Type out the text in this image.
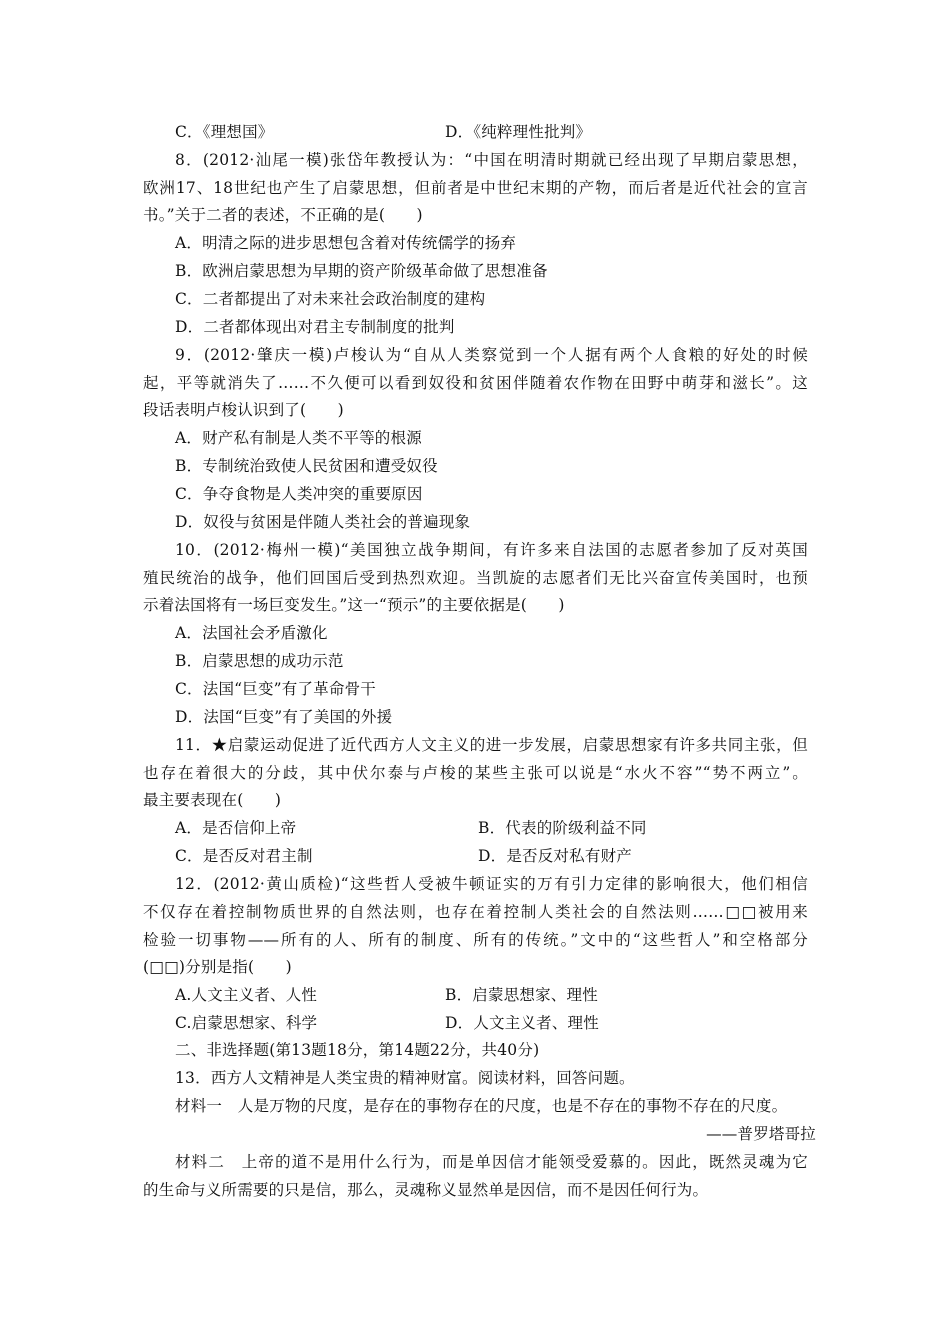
C．《理想国》	D．《纯粹理性批判》
8．(2012·汕尾一模)张岱年教授认为：“中国在明清时期就已经出现了早期启蒙思想，
欧洲17、18世纪也产生了启蒙思想，但前者是中世纪末期的产物，而后者是近代社会的宣言
书。”关于二者的表述，不正确的是(　　)
A．明清之际的进步思想包含着对传统儒学的扬弃
B．欧洲启蒙思想为早期的资产阶级革命做了思想准备
C．二者都提出了对未来社会政治制度的建构
D．二者都体现出对君主专制制度的批判
9．(2012·肇庆一模)卢梭认为“自从人类察觉到一个人据有两个人食粮的好处的时候
起，平等就消失了……不久便可以看到奴役和贫困伴随着农作物在田野中萌芽和滋长”。这
段话表明卢梭认识到了(　　)
A．财产私有制是人类不平等的根源
B．专制统治致使人民贫困和遭受奴役
C．争夺食物是人类冲突的重要原因
D．奴役与贫困是伴随人类社会的普遍现象
10．(2012·梅州一模)“美国独立战争期间，有许多来自法国的志愿者参加了反对英国
殖民统治的战争，他们回国后受到热烈欢迎。当凯旋的志愿者们无比兴奋宣传美国时，也预
示着法国将有一场巨变发生。”这一“预示”的主要依据是(　　)
A．法国社会矛盾激化
B．启蒙思想的成功示范
C．法国“巨变”有了革命骨干
D．法国“巨变”有了美国的外援
11．★启蒙运动促进了近代西方人文主义的进一步发展，启蒙思想家有许多共同主张，但
也存在着很大的分歧，其中伏尔泰与卢梭的某些主张可以说是“水火不容”“势不两立”。
最主要表现在(　　)
A．是否信仰上帝	B．代表的阶级利益不同
C．是否反对君主制	D．是否反对私有财产
12．(2012·黄山质检)“这些哲人受被牛顿证实的万有引力定律的影响很大，他们相信
不仅存在着控制物质世界的自然法则，也存在着控制人类社会的自然法则……□□被用来
检验一切事物——所有的人、所有的制度、所有的传统。”文中的“这些哲人”和空格部分
(□□)分别是指(　　)
A.人文主义者、人性	B．启蒙思想家、理性
C.启蒙思想家、科学	D．人文主义者、理性
二、非选择题(第13题18分，第14题22分，共40分)
13．西方人文精神是人类宝贵的精神财富。阅读材料，回答问题。
材料一　人是万物的尺度，是存在的事物存在的尺度，也是不存在的事物不存在的尺度。
——普罗塔哥拉
材料二　上帝的道不是用什么行为，而是单因信才能领受爱慕的。因此，既然灵魂为它
的生命与义所需要的只是信，那么，灵魂称义显然单是因信，而不是因任何行为。
